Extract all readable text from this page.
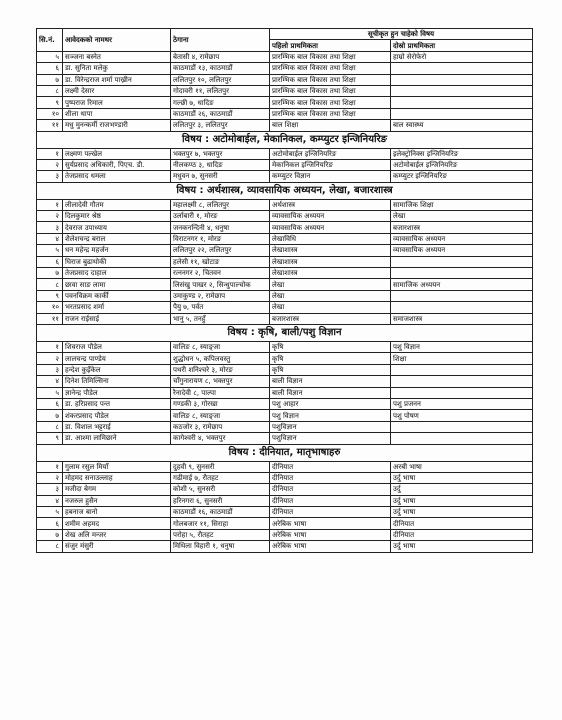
सि.नं.	आवेदकको नामथर	ठेगाना	सूचीकृत हुन चाहेको विषय	
			पहिलो प्राथमिकता	दोस्रो प्राथमिकता
५	सञ्जना बस्नेत	बेतासी ४, रामेछाप	प्रारम्भिक बाल विकास तथा शिक्षा	हाम्रो सेरोफेरो
६	डा. सुनिता मलेकु	काठमाडौं १३, काठमाडौं	प्रारम्भिक बाल विकास तथा शिक्षा	
७	डा. विरेन्द्रराज शर्मा पाख्रीन	ललितपुर १०, ललितपुर	प्रारम्भिक बाल विकास तथा शिक्षा	
८	लक्ष्मी देसार	गोदावरी ११, ललितपुर	प्रारम्भिक बाल विकास तथा शिक्षा	
९	पुष्पराज रिमाल	गल्छी ७, धादिङ	प्रारम्भिक बाल विकास तथा शिक्षा	
१०	शीला थापा	काठमाडौं २६, काठमाडौं	प्रारम्भिक बाल विकास तथा शिक्षा	
११	मधु मुनन्कर्मी राजभण्डारी	ललितपुर ३, ललितपुर	बाल शिक्षा	बाल स्वास्थ्य
विषय : अटोमोबाईल, मेकानिकल, कम्प्युटर इन्जिनियरिङ				
१	लक्ष्मण पल्खेल	भक्तपुर ७, भक्तपुर	अटोमोबाईल इन्जिनियरिङ	इलेक्ट्रोनिक्स इन्जिनियरिङ
२	सुर्यप्रसाद अधिकारी, पिएच. डी.	नीलकण्ठ ३, धादिङ	मेकानिकल इन्जिनियरिङ	अटोमोबाईल इन्जिनियरिङ
३	तेजप्रसाद धमला	मधुवन ७, सुनसरी	कम्प्युटर विज्ञान	कम्प्युटर इन्जिनियरिङ
विषय : अर्थशास्त्र, व्यावसायिक अध्ययन, लेखा, बजारशास्त्र				
१	लीलादेवी गौतम	महालक्ष्मी ८, ललितपुर	अर्थशास्त्र	सामाजिक शिक्षा
२	दिलकुमार श्रेष्ठ	उर्लाबारी १, मोरङ	व्यावसायिक अध्ययन	लेखा
३	देवराज उपाध्याय	जनकनन्दिनी ४, धनुषा	व्यावसायिक अध्ययन	बजारशास्त्र
४	शैलेशचन्द्र बराल	विराटनगर १, मोरङ	लेखाविधि	व्यावसायिक अध्ययन
५	धन महेन्द्र महर्जन	ललितपुर २२, ललितपुर	लेखाशास्त्र	व्यावसायिक अध्ययन
६	घिराज बुढाथोकी	हलेसी ११, खोटाङ	लेखाशास्त्र	
७	तेजप्रसाद दाहाल	रत्ननगर २, चितवन	लेखाशास्त्र	
८	छावा साङ लामा	लिसंखु पाखर २, सिन्धुपाल्चोक	लेखा	सामाजिक अध्ययन
९	पवनविक्रम कार्की	उमाकुण्ड २, रामेछाप	लेखा	
१०	भरतप्रसाद शर्मा	पैयु ७, पर्वत	लेखा	
११	राजन राईसाई	भानु ५, तनहुँ	बजारशास्त्र	समाजशास्त्र
विषय : कृषि, बाली/पशु विज्ञान				
१	शिवराज पौडेल	वालिङ ८, स्याङ्जा	कृषि	पशु विज्ञान
२	लालचन्द्र पाण्डेय	शुद्धोधन ५, कपिलवस्तु	कृषि	शिक्षा
३	हन्देश कुइँकेल	पथरी शनिश्चरे ३, मोरङ	कृषि	
४	दिनेश तिमिल्सिना	चाँगुनारायण ८, भक्तपुर	बाली विज्ञान	
५	ज्ञानेन्द्र पौडेल	रैनादेवी ८, पाल्पा	बाली विज्ञान	
६	डा. हरिप्रसाद पन्त	गण्डकी ३, गोरखा	पशु आहार	पशु प्रजनन
७	शंकरप्रसाद पौडेल	वालिङ ८, स्याङ्जा	पशु विज्ञान	पशु पोषण
८	डा. विशाल भट्टराई	कठजोर ३, रामेछाप	पशुविज्ञान	
९	डा. आश्मा लामिछाने	कागेश्वरी ४, भक्तपुर	पशुविज्ञान	
विषय : दीनियात, मातृभाषाहरु				
१	गुलाम रसुल मियाँ	दुहवी ९, सुनसरी	दीनियात	अरबी भाषा
२	मोहमद सनाउल्लाह	गढीमाई ७, रौतहट	दीनियात	उर्दु भाषा
३	मजीदा बेगम	कोशी ५, सुनसरी	दीनियात	उर्दु
४	नजरुल हुसैन	हरिनगरा ६, सुनसरी	दीनियात	उर्दु भाषा
५	हबनाज बानो	काठमाडौं १६, काठमाडौं	दीनियात	उर्दु भाषा
६	शमीम अहमद	गोलबजार ११, सिराहा	अरेबिक भाषा	दीनियात
७	शेख अलि मन्जर	परोहा ५, रौतहट	अरेबिक भाषा	दीनियात
८	संजुर मंसुरी	मिथिला विहारी १, धनुषा	अरेबिक भाषा	उर्दु भाषा
